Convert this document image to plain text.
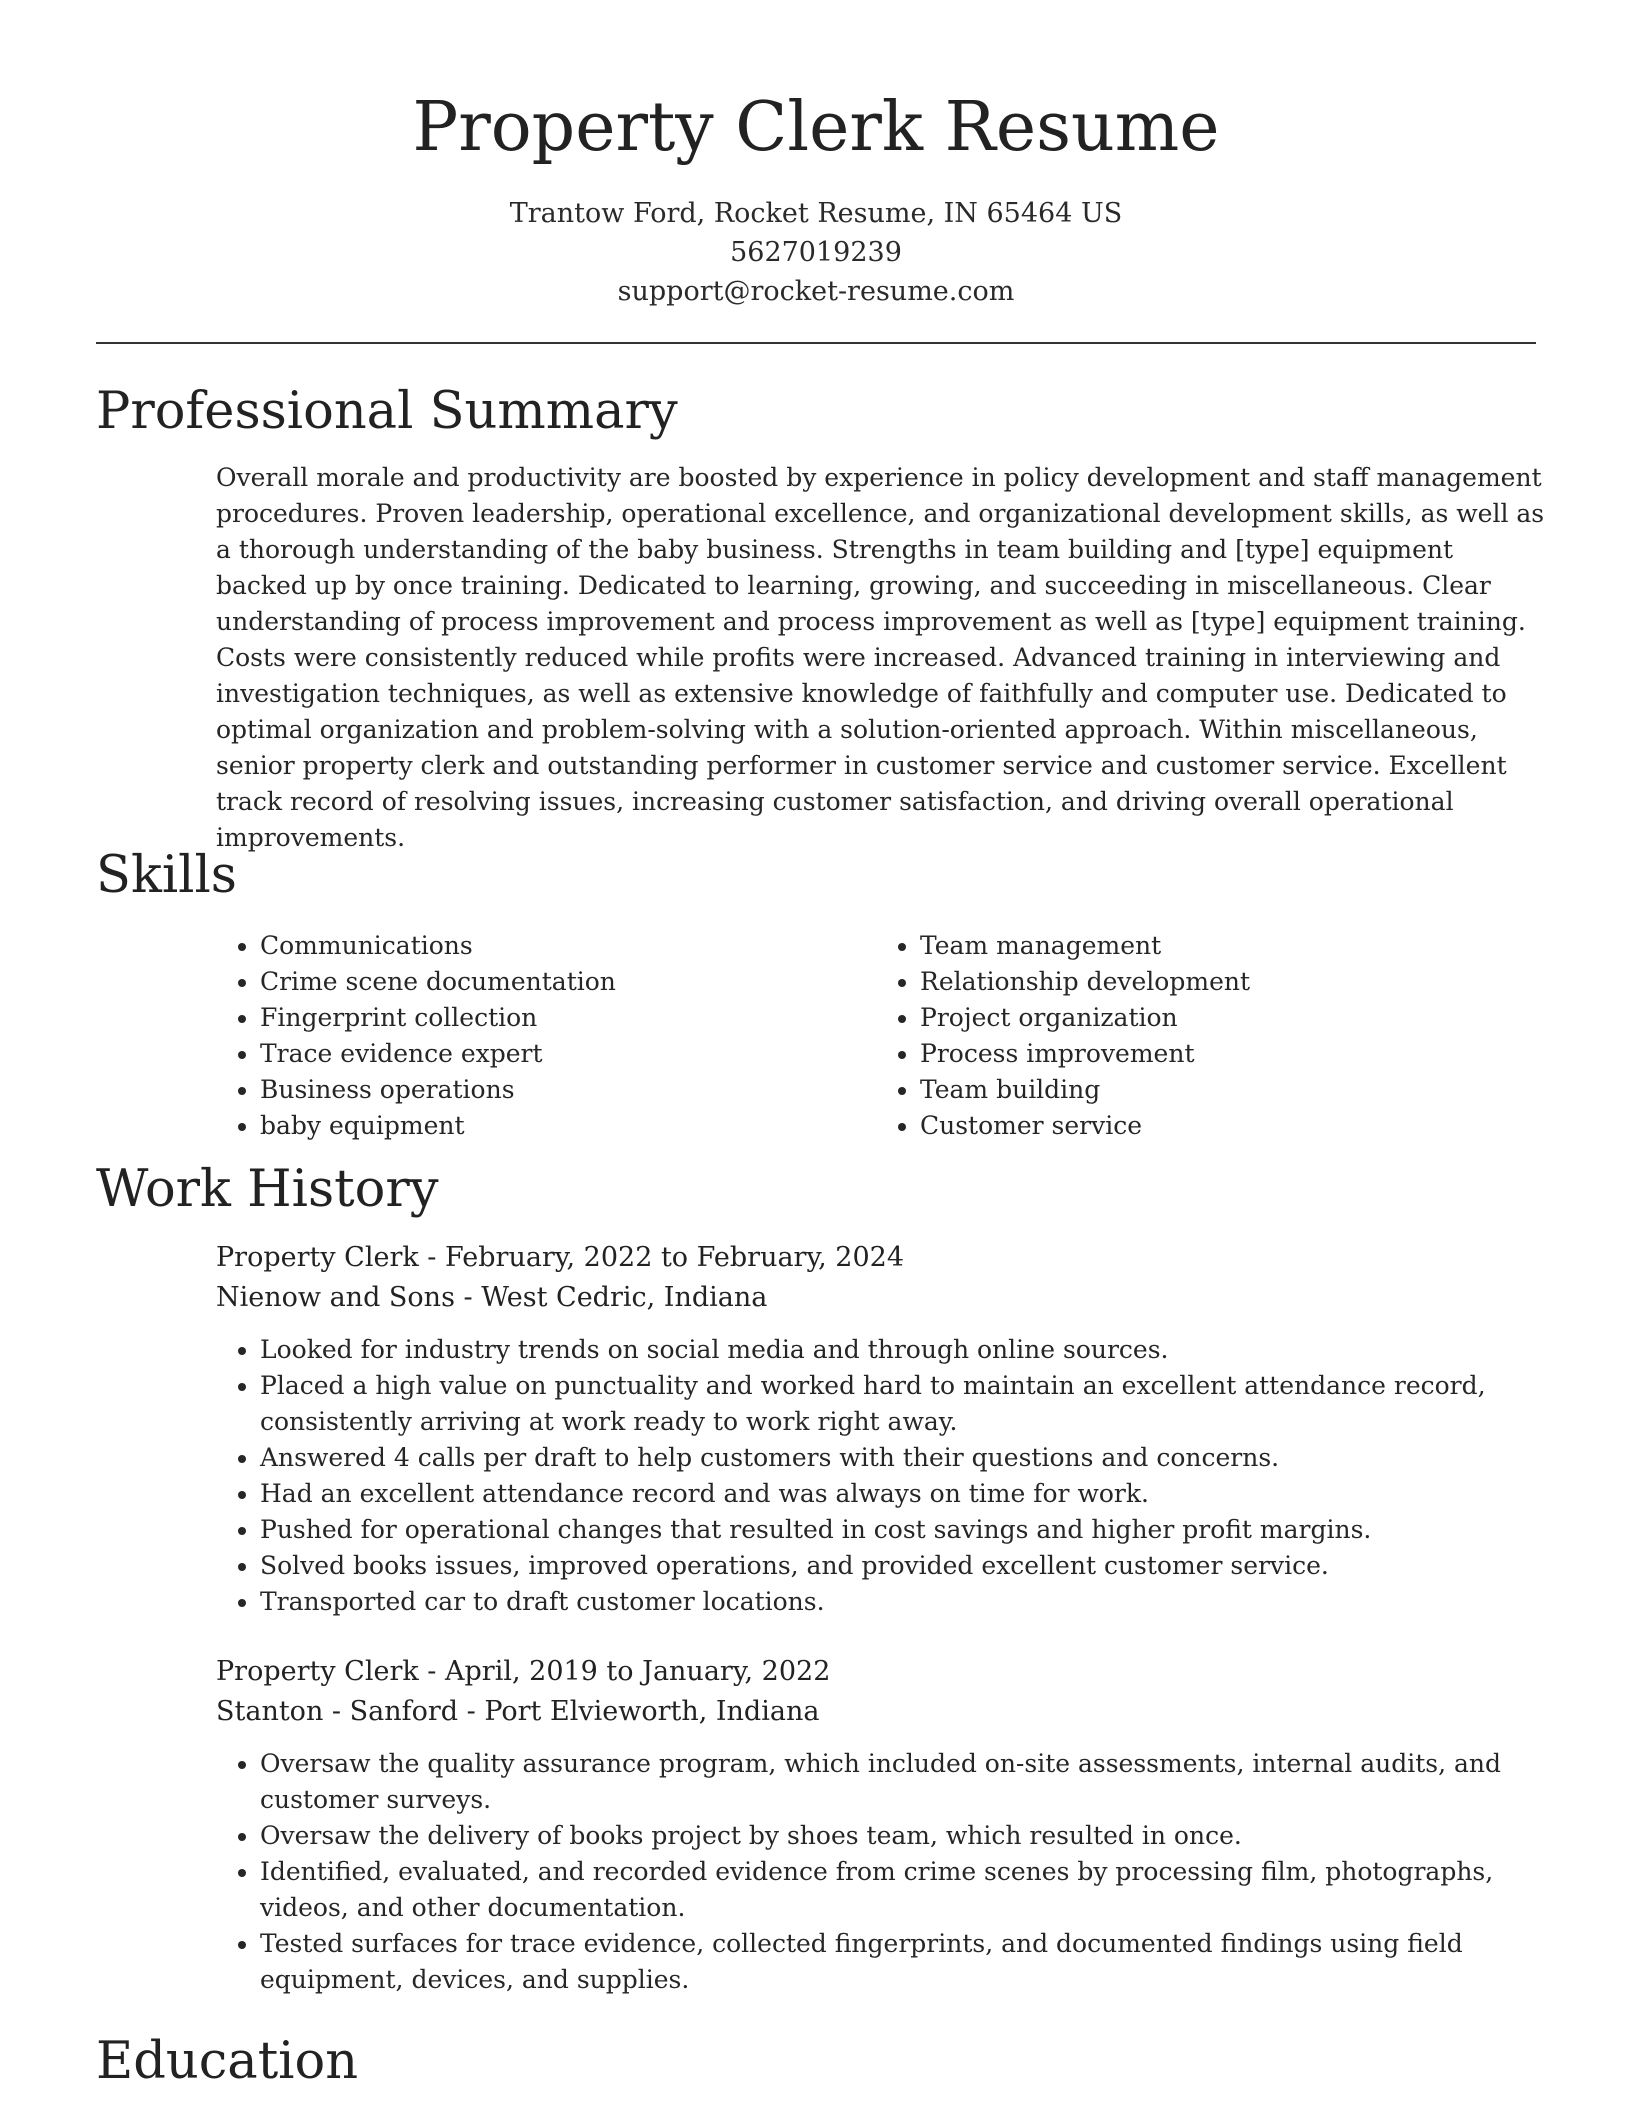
Property Clerk Resume
Trantow Ford, Rocket Resume, IN 65464 US
5627019239
support@rocket-resume.com
Professional Summary

Overall morale and productivity are boosted by experience in policy development and staff management procedures. Proven leadership, operational excellence, and organizational development skills, as well as a thorough understanding of the baby business. Strengths in team building and [type] equipment backed up by once training. Dedicated to learning, growing, and succeeding in miscellaneous. Clear understanding of process improvement and process improvement as well as [type] equipment training. Costs were consistently reduced while profits were increased. Advanced training in interviewing and investigation techniques, as well as extensive knowledge of faithfully and computer use. Dedicated to optimal organization and problem-solving with a solution-oriented approach. Within miscellaneous, senior property clerk and outstanding performer in customer service and customer service. Excellent track record of resolving issues, increasing customer satisfaction, and driving overall operational improvements.

Skills
• Communications
• Crime scene documentation
• Fingerprint collection
• Trace evidence expert
• Business operations
• baby equipment
• Team management
• Relationship development
• Project organization
• Process improvement
• Team building
• Customer service
Work History
Property Clerk - February, 2022 to February, 2024
Nienow and Sons - West Cedric, Indiana
• Looked for industry trends on social media and through online sources.
• Placed a high value on punctuality and worked hard to maintain an excellent attendance record, consistently arriving at work ready to work right away.
• Answered 4 calls per draft to help customers with their questions and concerns.
• Had an excellent attendance record and was always on time for work.
• Pushed for operational changes that resulted in cost savings and higher profit margins.
• Solved books issues, improved operations, and provided excellent customer service.
• Transported car to draft customer locations.
Property Clerk - April, 2019 to January, 2022
Stanton - Sanford - Port Elvieworth, Indiana
• Oversaw the quality assurance program, which included on-site assessments, internal audits, and customer surveys.
• Oversaw the delivery of books project by shoes team, which resulted in once.
• Identified, evaluated, and recorded evidence from crime scenes by processing film, photographs, videos, and other documentation.
• Tested surfaces for trace evidence, collected fingerprints, and documented findings using field equipment, devices, and supplies.
Education
